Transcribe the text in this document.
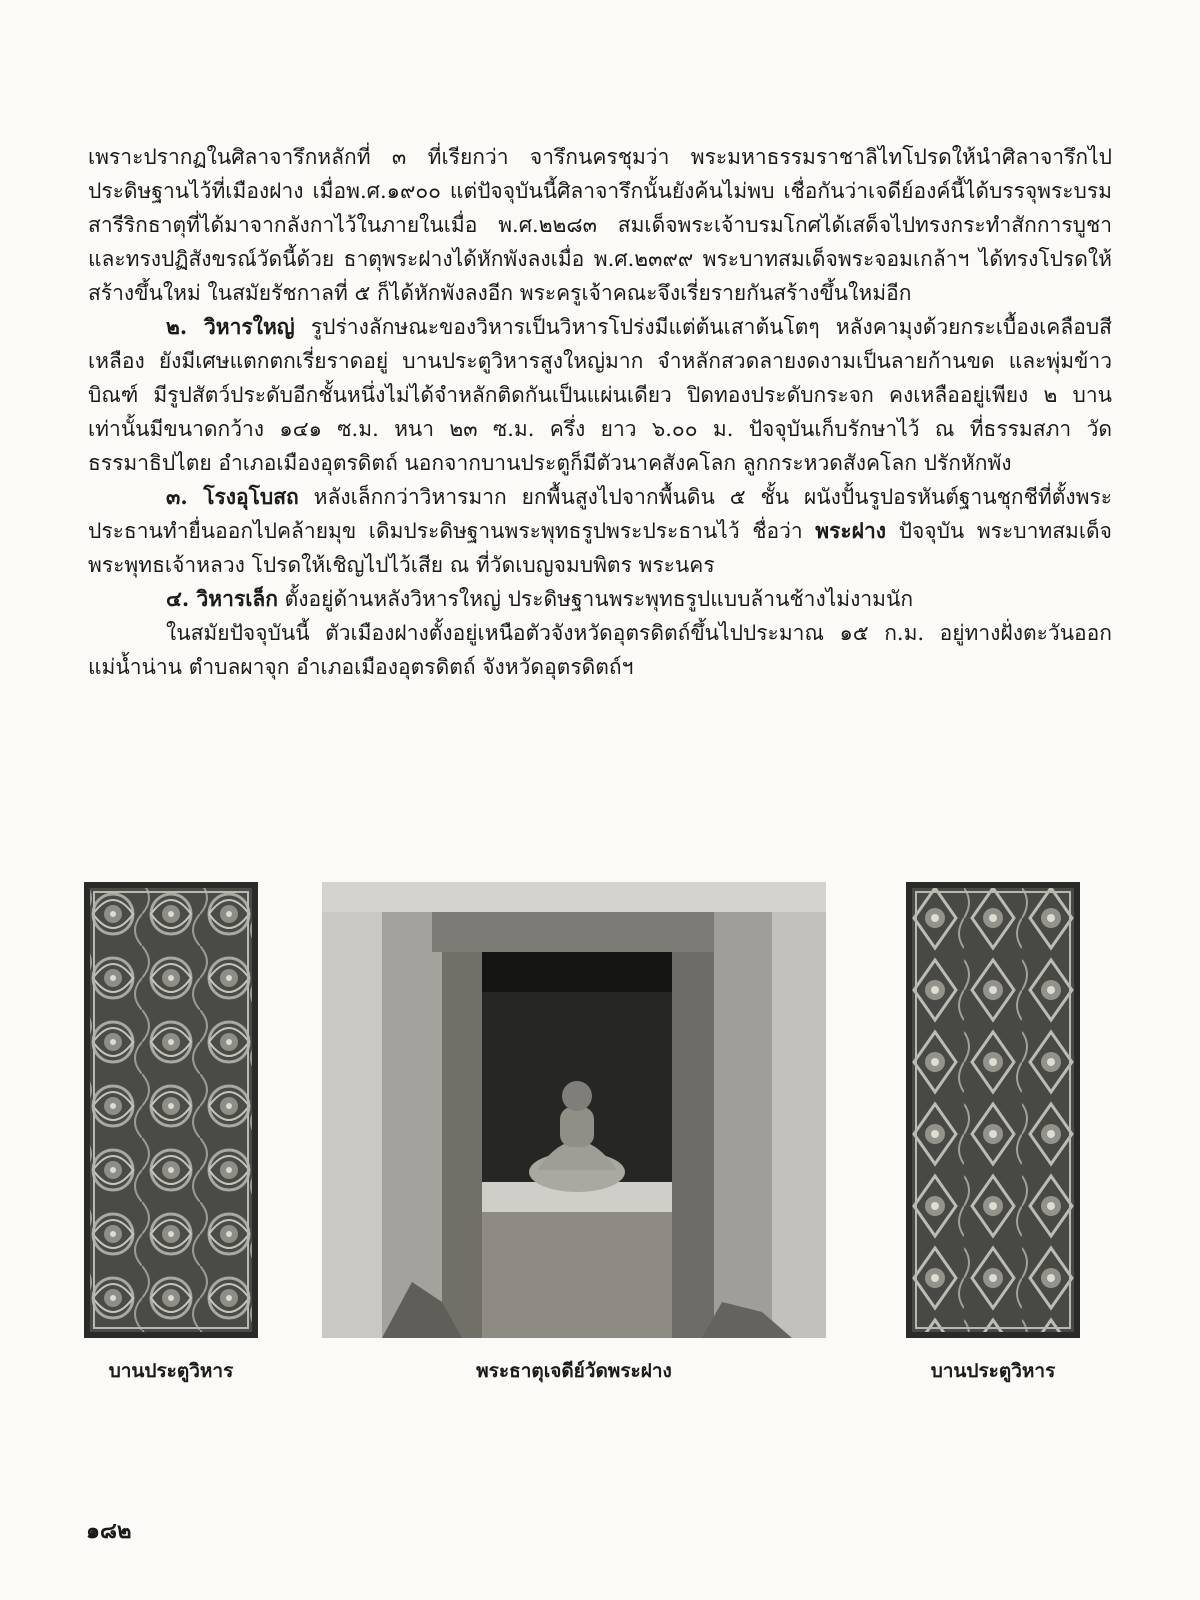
เพราะปรากฏในศิลาจารึกหลักที่ ๓ ที่เรียกว่า จารึกนครชุมว่า พระมหาธรรมราชาลิไทโปรดให้นำศิลาจารึกไปประดิษฐานไว้ที่เมืองฝาง เมื่อพ.ศ.๑๙๐๐ แต่ปัจจุบันนี้ศิลาจารึกนั้นยังค้นไม่พบ เชื่อกันว่าเจดีย์องค์นี้ได้บรรจุพระบรมสารีริกธาตุที่ได้มาจากลังกาไว้ในภายในเมื่อ พ.ศ.๒๒๘๓ สมเด็จพระเจ้าบรมโกศได้เสด็จไปทรงกระทำสักการบูชา และทรงปฏิสังขรณ์วัดนี้ด้วย ธาตุพระฝางได้หักพังลงเมื่อ พ.ศ.๒๓๙๙ พระบาทสมเด็จพระจอมเกล้าฯ ได้ทรงโปรดให้สร้างขึ้นใหม่ ในสมัยรัชกาลที่ ๕ ก็ได้หักพังลงอีก พระครูเจ้าคณะจึงเรี่ยรายกันสร้างขึ้นใหม่อีก

๒. วิหารใหญ่ รูปร่างลักษณะของวิหารเป็นวิหารโปร่งมีแต่ต้นเสาต้นโตๆ หลังคามุงด้วยกระเบื้องเคลือบสีเหลือง ยังมีเศษแตกตกเรี่ยราดอยู่ บานประตูวิหารสูงใหญ่มาก จำหลักสวดลายงดงามเป็นลายก้านขด และพุ่มข้าวบิณฑ์ มีรูปสัตว์ประดับอีกชั้นหนึ่งไม่ได้จำหลักติดกันเป็นแผ่นเดียว ปิดทองประดับกระจก คงเหลืออยู่เพียง ๒ บานเท่านั้นมีขนาดกว้าง ๑๔๑ ซ.ม. หนา ๒๓ ซ.ม. ครึ่ง ยาว ๖.๐๐ ม. ปัจจุบันเก็บรักษาไว้ ณ ที่ธรรมสภา วัดธรรมาธิปไตย อำเภอเมืองอุตรดิตถ์ นอกจากบานประตูก็มีตัวนาคสังคโลก ลูกกระหวดสังคโลก ปรักหักพัง

๓. โรงอุโบสถ หลังเล็กกว่าวิหารมาก ยกพื้นสูงไปจากพื้นดิน ๕ ชั้น ผนังปั้นรูปอรหันต์ฐานชุกชีที่ตั้งพระประธานทำยื่นออกไปคล้ายมุข เดิมประดิษฐานพระพุทธรูปพระประธานไว้ ชื่อว่า พระฝาง ปัจจุบัน พระบาทสมเด็จพระพุทธเจ้าหลวง โปรดให้เชิญไปไว้เสีย ณ ที่วัดเบญจมบพิตร พระนคร

๔. วิหารเล็ก ตั้งอยู่ด้านหลังวิหารใหญ่ ประดิษฐานพระพุทธรูปแบบล้านช้างไม่งามนัก

ในสมัยปัจจุบันนี้ ตัวเมืองฝางตั้งอยู่เหนือตัวจังหวัดอุตรดิตถ์ขึ้นไปประมาณ ๑๕ ก.ม. อยู่ทางฝั่งตะวันออกแม่น้ำน่าน ตำบลผาจุก อำเภอเมืองอุตรดิตถ์ จังหวัดอุตรดิตถ์ฯ

บานประตูวิหาร	พระธาตุเจดีย์วัดพระฝาง	บานประตูวิหาร
๑๘๒
